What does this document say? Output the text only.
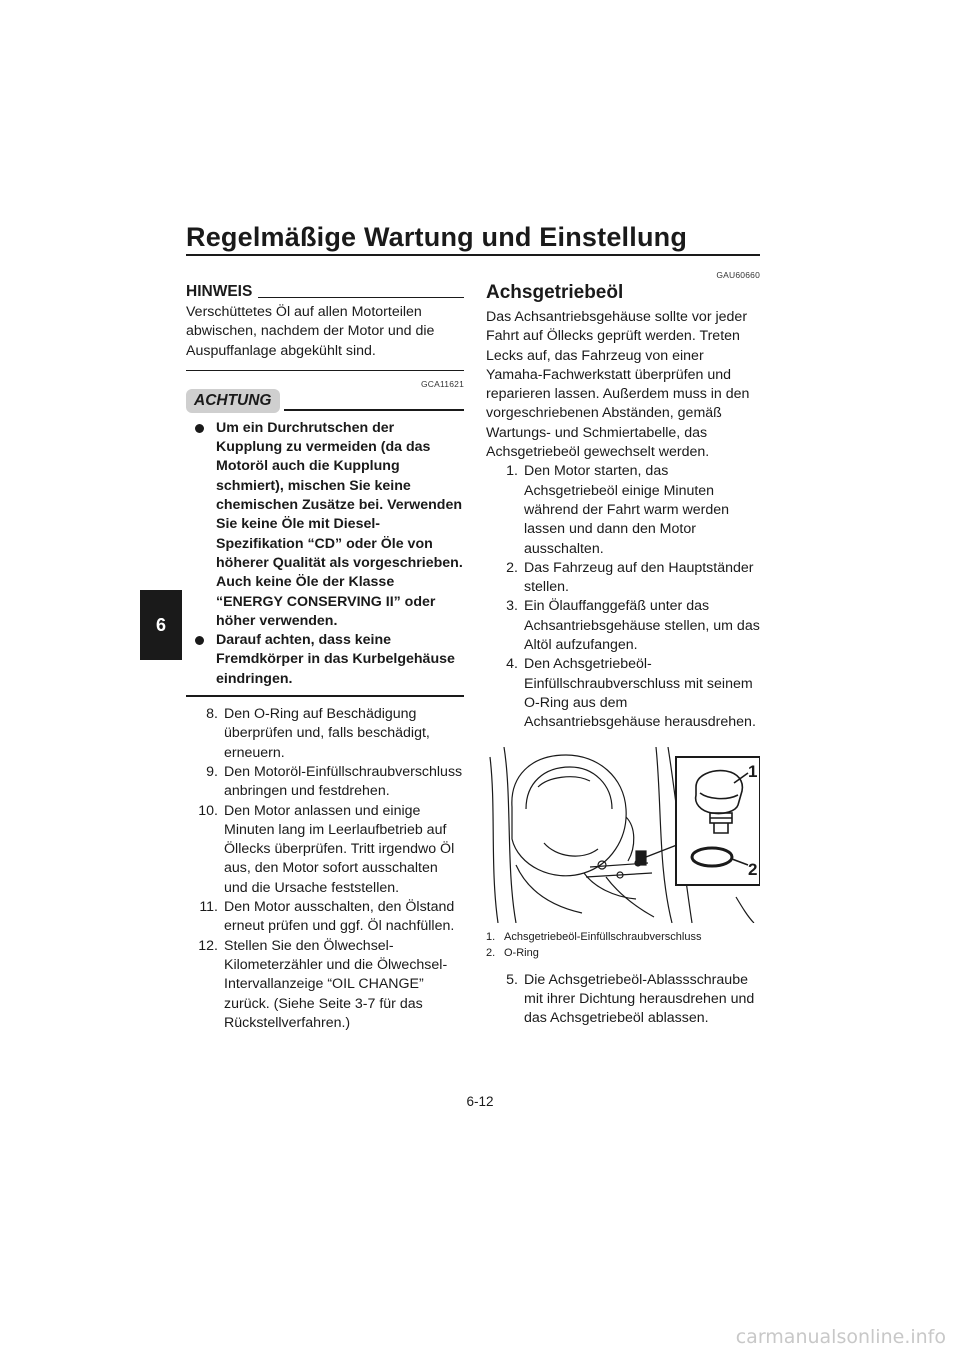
Regelmäßige Wartung und Einstellung
6
HINWEIS
Verschüttetes Öl auf allen Motorteilen abwischen, nachdem der Motor und die Auspuffanlage abgekühlt sind.
GCA11621
ACHTUNG
Um ein Durchrutschen der Kupplung zu vermeiden (da das Motoröl auch die Kupplung schmiert), mischen Sie keine chemischen Zusätze bei. Verwenden Sie keine Öle mit Diesel-Spezifikation “CD” oder Öle von höherer Qualität als vorgeschrieben. Auch keine Öle der Klasse “ENERGY CONSERVING II” oder höher verwenden.
Darauf achten, dass keine Fremdkörper in das Kurbelgehäuse eindringen.
8. Den O-Ring auf Beschädigung überprüfen und, falls beschädigt, erneuern.
9. Den Motoröl-Einfüllschraubverschluss anbringen und festdrehen.
10. Den Motor anlassen und einige Minuten lang im Leerlaufbetrieb auf Öllecks überprüfen. Tritt irgendwo Öl aus, den Motor sofort ausschalten und die Ursache feststellen.
11. Den Motor ausschalten, den Ölstand erneut prüfen und ggf. Öl nachfüllen.
12. Stellen Sie den Ölwechsel-Kilometerzähler und die Ölwechsel-Intervallanzeige “OIL CHANGE” zurück. (Siehe Seite 3-7 für das Rückstellverfahren.)
GAU60660
Achsgetriebeöl
Das Achsantriebsgehäuse sollte vor jeder Fahrt auf Öllecks geprüft werden. Treten Lecks auf, das Fahrzeug von einer Yamaha-Fachwerkstatt überprüfen und reparieren lassen. Außerdem muss in den vorgeschriebenen Abständen, gemäß Wartungs- und Schmiertabelle, das Achsgetriebeöl gewechselt werden.
1. Den Motor starten, das Achsgetriebeöl einige Minuten während der Fahrt warm werden lassen und dann den Motor ausschalten.
2. Das Fahrzeug auf den Hauptständer stellen.
3. Ein Ölauffanggefäß unter das Achsantriebsgehäuse stellen, um das Altöl aufzufangen.
4. Den Achsgetriebeöl-Einfüllschraubverschluss mit seinem O-Ring aus dem Achsantriebsgehäuse herausdrehen.
1
2
1. Achsgetriebeöl-Einfüllschraubverschluss
2. O-Ring
5. Die Achsgetriebeöl-Ablassschraube mit ihrer Dichtung herausdrehen und das Achsgetriebeöl ablassen.
6-12
carmanualsonline.info
